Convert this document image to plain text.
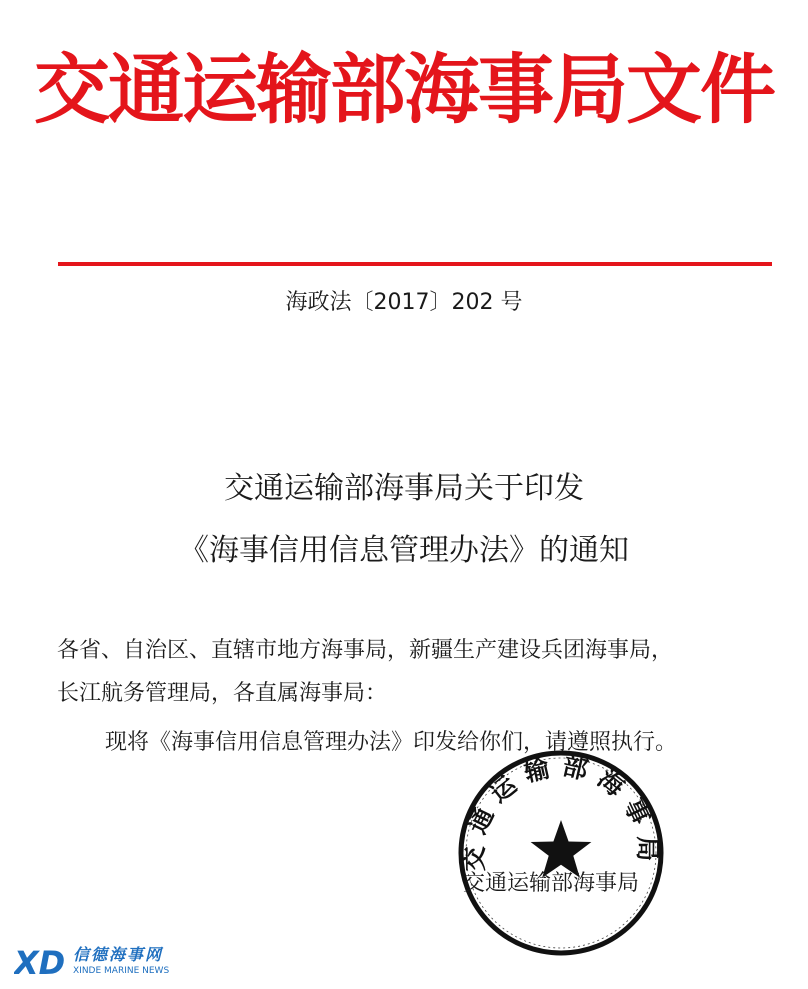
交通运输部海事局文件
海政法〔2017〕202 号
交通运输部海事局关于印发
《海事信用信息管理办法》的通知
各省、自治区、直辖市地方海事局，新疆生产建设兵团海事局，
长江航务管理局，各直属海事局：
现将《海事信用信息管理办法》印发给你们，请遵照执行。
交通运输部海事局
交通运输部海事局
XD 信德海事网
XINDE MARINE NEWS
